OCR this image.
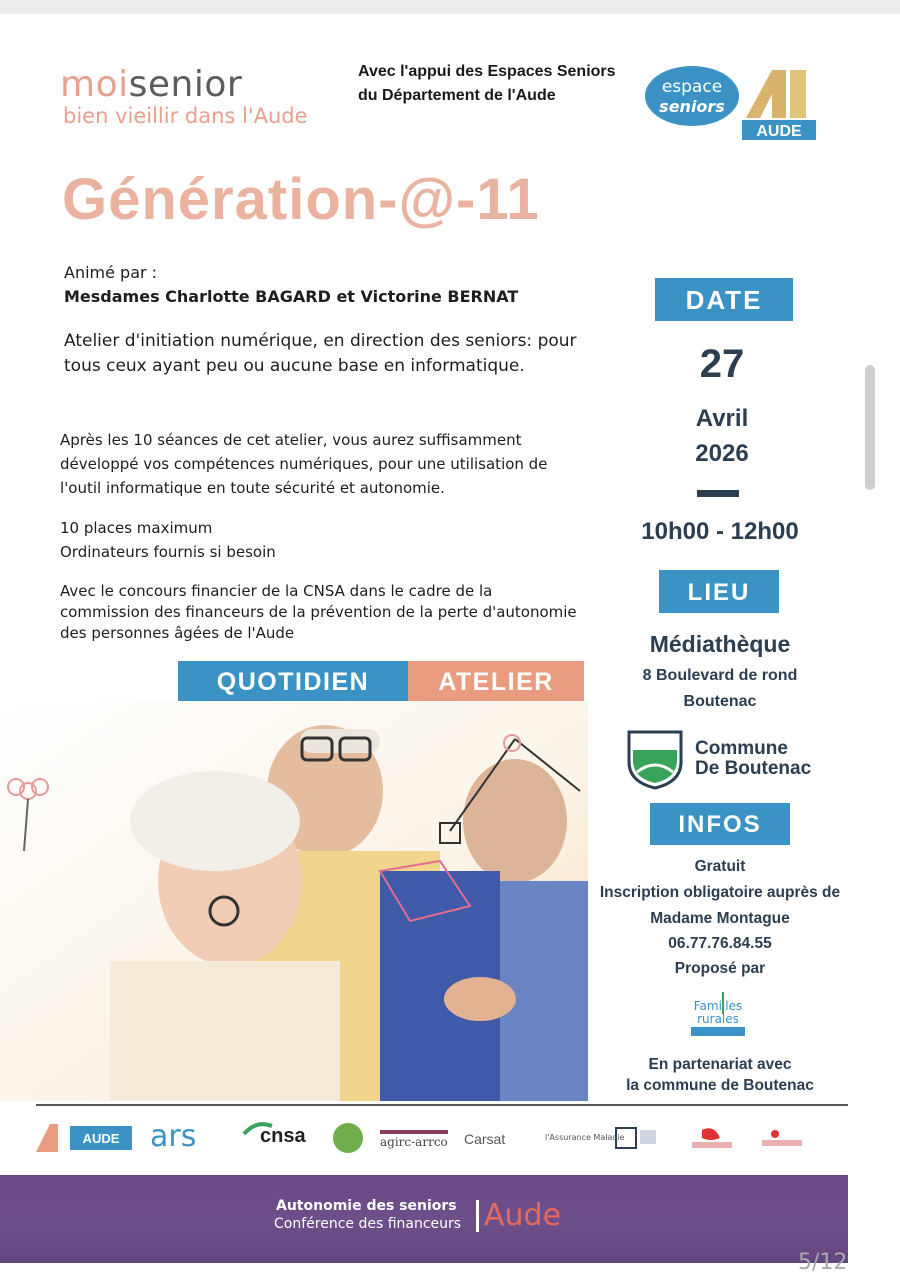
moisenior
bien vieillir dans l'Aude
Avec l'appui des Espaces Seniors
du Département de l'Aude	espace
seniors
AUDE
Génération-@-11
Animé par :
Mesdames Charlotte BAGARD et Victorine BERNAT
Atelier d'initiation numérique, en direction des seniors: pour tous ceux ayant peu ou aucune base en informatique.
Après les 10 séances de cet atelier, vous aurez suffisamment développé vos compétences numériques, pour une utilisation de l'outil informatique en toute sécurité et autonomie.
10 places maximum
Ordinateurs fournis si besoin
Avec le concours financier de la CNSA dans le cadre de la commission des financeurs de la prévention de la perte d'autonomie des personnes âgées de l'Aude
QUOTIDIEN	ATELIER
DATE
27
Avril
2026
10h00 - 12h00
LIEU
Médiathèque
8 Boulevard de rond
Boutenac
Commune
De Boutenac
INFOS
Gratuit
Inscription obligatoire auprès de
Madame Montague
06.77.76.84.55
Proposé par
Familles
rurales
En partenariat avec
la commune de Boutenac
AUDE ars	cnsa	agirc-arrco Carsat	l'Assurance Maladie
Autonomie des seniors
Conférence des financeurs Aude
5/12
